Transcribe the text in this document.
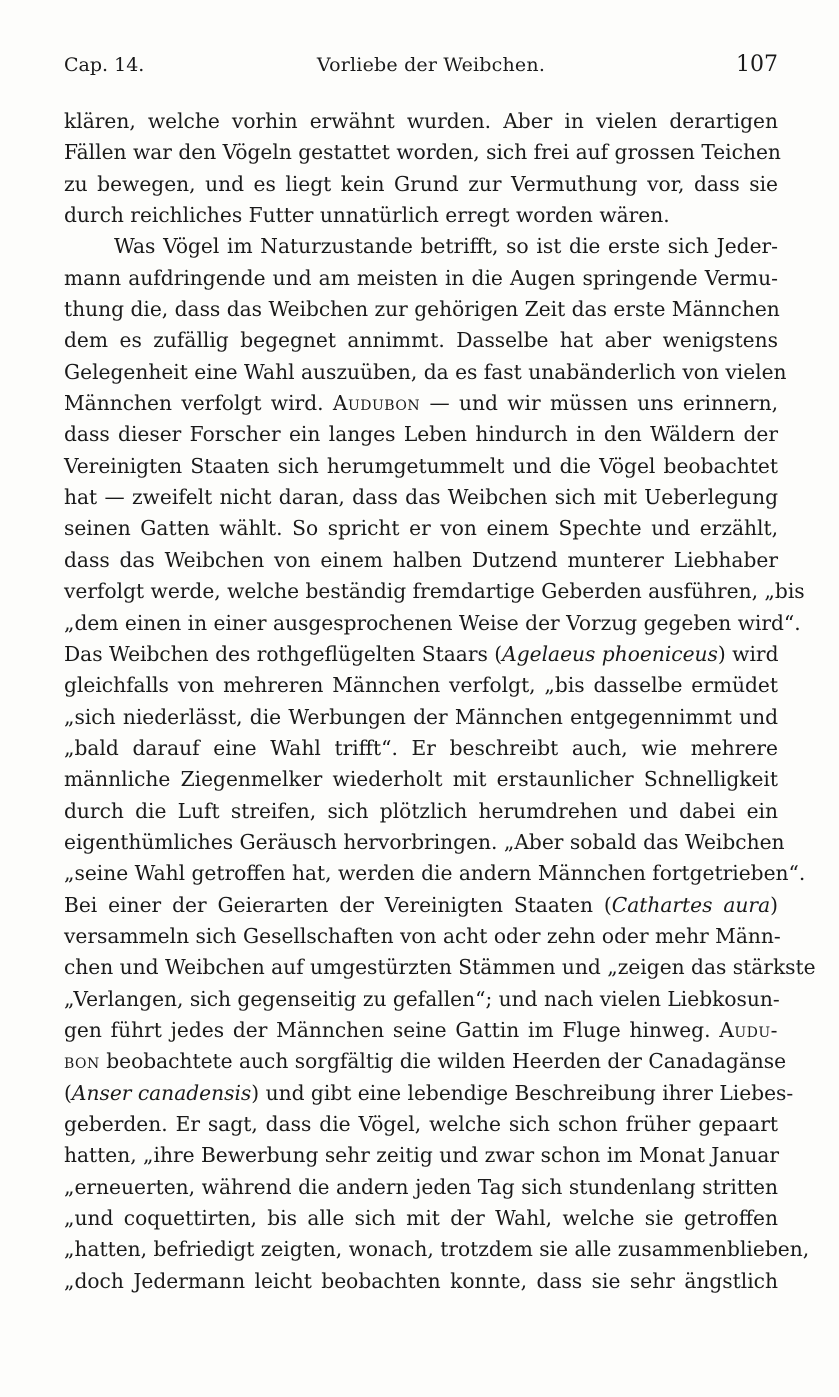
Cap. 14.	Vorliebe der Weibchen.	107
klären, welche vorhin erwähnt wurden. Aber in vielen derartigen
Fällen war den Vögeln gestattet worden, sich frei auf grossen Teichen
zu bewegen, und es liegt kein Grund zur Vermuthung vor, dass sie
durch reichliches Futter unnatürlich erregt worden wären.
Was Vögel im Naturzustande betrifft, so ist die erste sich Jeder-
mann aufdringende und am meisten in die Augen springende Vermu-
thung die, dass das Weibchen zur gehörigen Zeit das erste Männchen
dem es zufällig begegnet annimmt. Dasselbe hat aber wenigstens
Gelegenheit eine Wahl auszuüben, da es fast unabänderlich von vielen
Männchen verfolgt wird. Audubon — und wir müssen uns erinnern,
dass dieser Forscher ein langes Leben hindurch in den Wäldern der
Vereinigten Staaten sich herumgetummelt und die Vögel beobachtet
hat — zweifelt nicht daran, dass das Weibchen sich mit Ueberlegung
seinen Gatten wählt. So spricht er von einem Spechte und erzählt,
dass das Weibchen von einem halben Dutzend munterer Liebhaber
verfolgt werde, welche beständig fremdartige Geberden ausführen, „bis
„dem einen in einer ausgesprochenen Weise der Vorzug gegeben wird“.
Das Weibchen des rothgeflügelten Staars (Agelaeus phoeniceus) wird
gleichfalls von mehreren Männchen verfolgt, „bis dasselbe ermüdet
„sich niederlässt, die Werbungen der Männchen entgegennimmt und
„bald darauf eine Wahl trifft“. Er beschreibt auch, wie mehrere
männliche Ziegenmelker wiederholt mit erstaunlicher Schnelligkeit
durch die Luft streifen, sich plötzlich herumdrehen und dabei ein
eigenthümliches Geräusch hervorbringen. „Aber sobald das Weibchen
„seine Wahl getroffen hat, werden die andern Männchen fortgetrieben“.
Bei einer der Geierarten der Vereinigten Staaten (Cathartes aura)
versammeln sich Gesellschaften von acht oder zehn oder mehr Männ-
chen und Weibchen auf umgestürzten Stämmen und „zeigen das stärkste
„Verlangen, sich gegenseitig zu gefallen“; und nach vielen Liebkosun-
gen führt jedes der Männchen seine Gattin im Fluge hinweg. Audu-
bon beobachtete auch sorgfältig die wilden Heerden der Canadagänse
(Anser canadensis) und gibt eine lebendige Beschreibung ihrer Liebes-
geberden. Er sagt, dass die Vögel, welche sich schon früher gepaart
hatten, „ihre Bewerbung sehr zeitig und zwar schon im Monat Januar
„erneuerten, während die andern jeden Tag sich stundenlang stritten
„und coquettirten, bis alle sich mit der Wahl, welche sie getroffen
„hatten, befriedigt zeigten, wonach, trotzdem sie alle zusammenblieben,
„doch Jedermann leicht beobachten konnte, dass sie sehr ängstlich
